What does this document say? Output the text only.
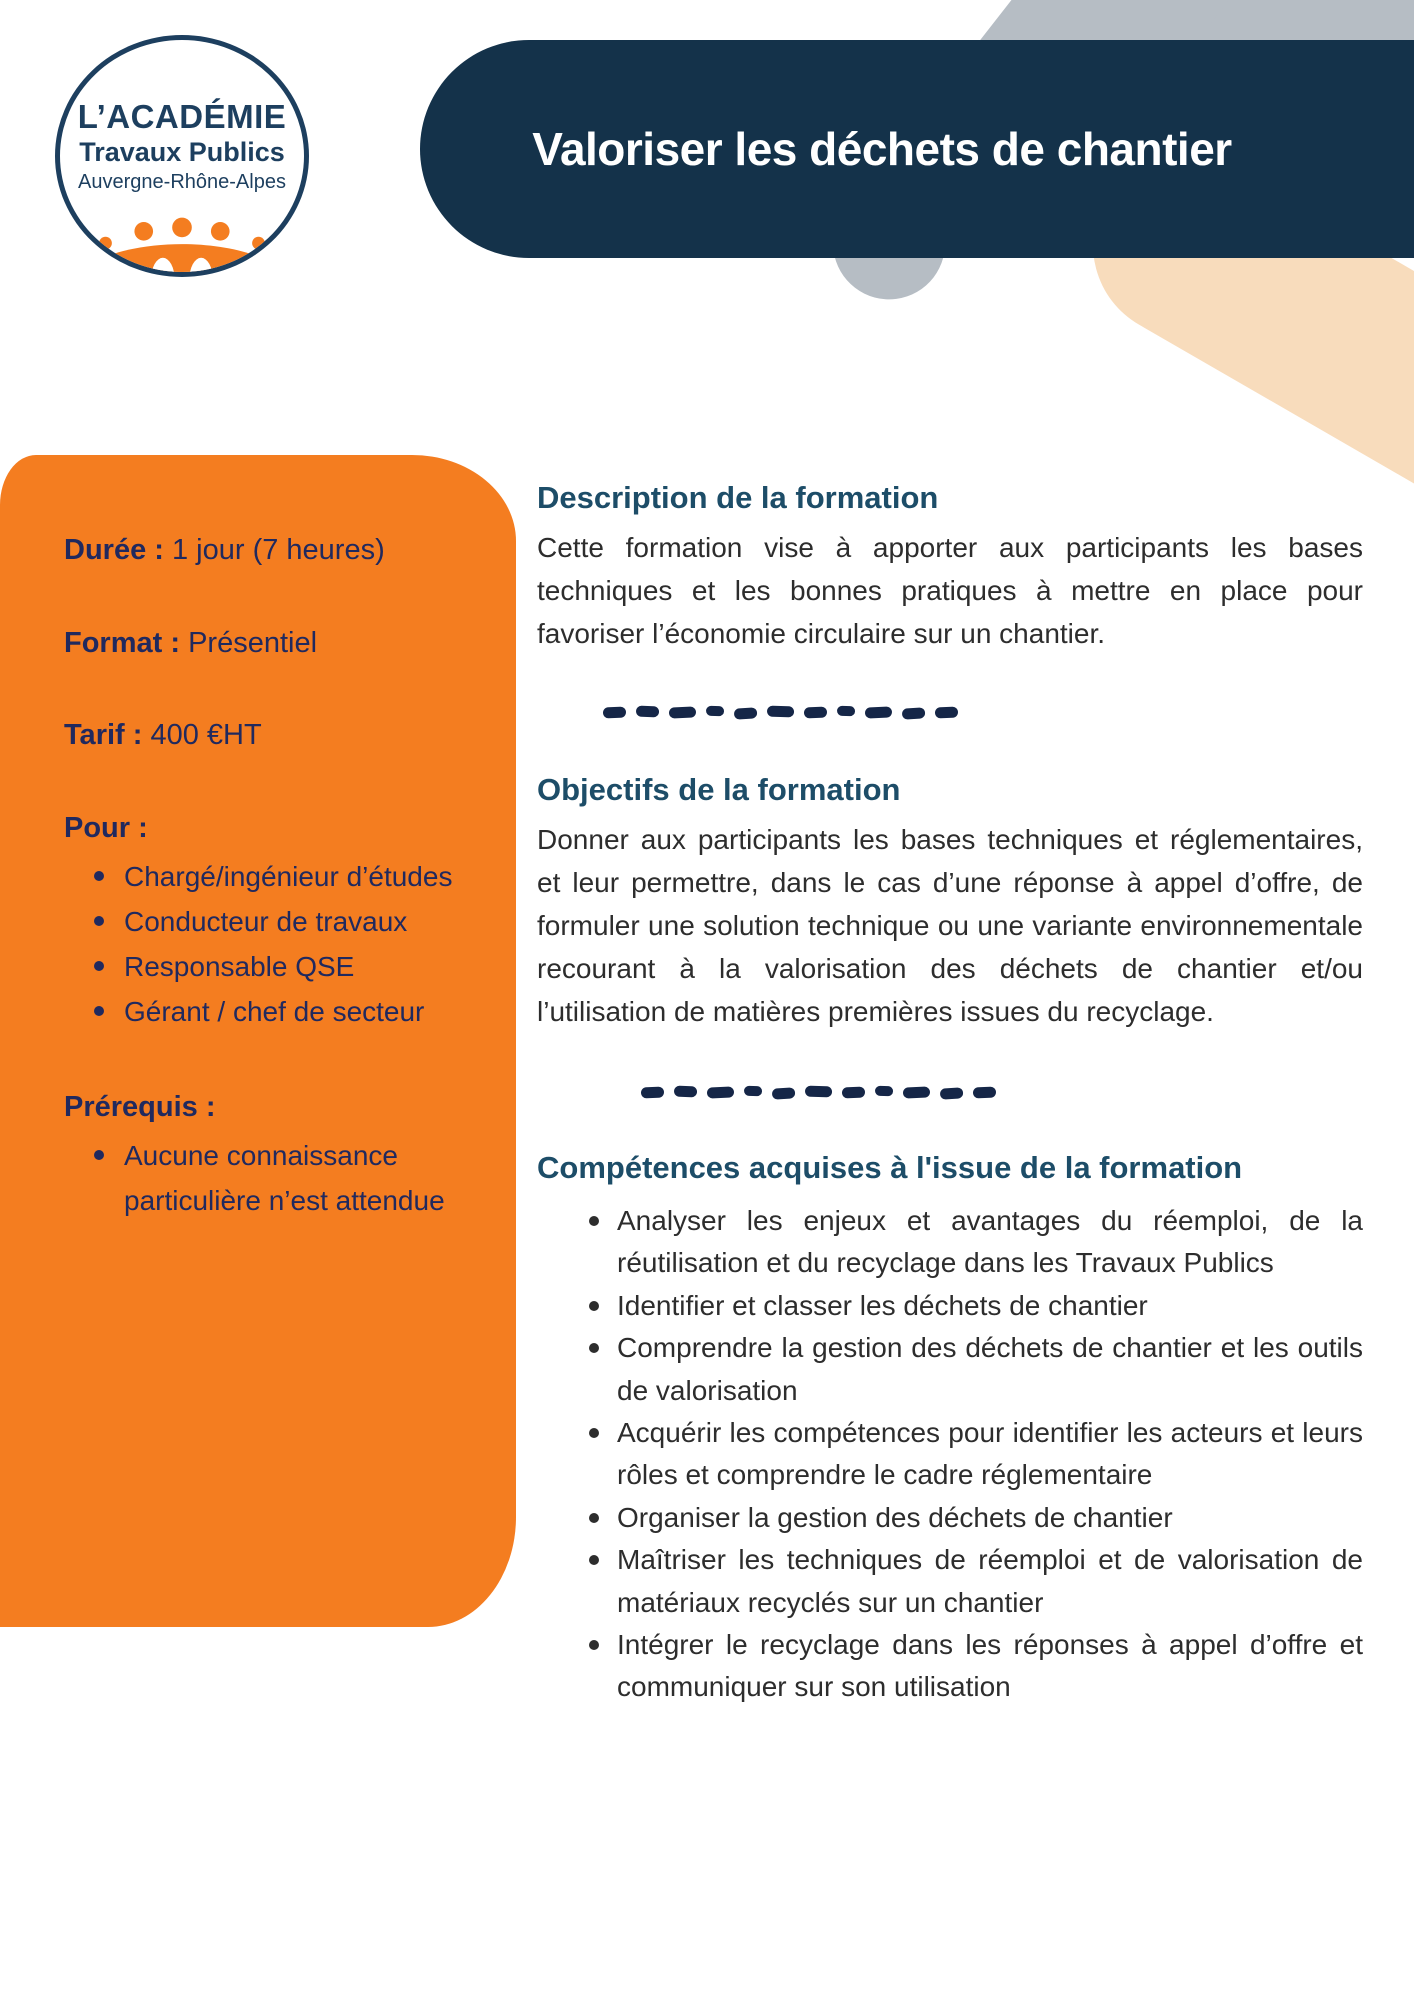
Valoriser les déchets de chantier
L’ACADÉMIE
Travaux Publics
Auvergne-Rhône-Alpes
Durée : 1 jour (7 heures)
Format : Présentiel
Tarif : 400 €HT
Pour :
Chargé/ingénieur d’études
Conducteur de travaux
Responsable QSE
Gérant / chef de secteur
Prérequis :
Aucune connaissance particulière n’est attendue
Description de la formation
Cette formation vise à apporter aux participants les bases techniques et les bonnes pratiques à mettre en place pour favoriser l’économie circulaire sur un chantier.
Objectifs de la formation
Donner aux participants les bases techniques et réglementaires, et leur permettre, dans le cas d’une réponse à appel d’offre, de formuler une solution technique ou une variante environnementale recourant à la valorisation des déchets de chantier et/ou l’utilisation de matières premières issues du recyclage.
Compétences acquises à l'issue de la formation
Analyser les enjeux et avantages du réemploi, de la réutilisation et du recyclage dans les Travaux Publics
Identifier et classer les déchets de chantier
Comprendre la gestion des déchets de chantier et les outils de valorisation
Acquérir les compétences pour identifier les acteurs et leurs rôles et comprendre le cadre réglementaire
Organiser la gestion des déchets de chantier
Maîtriser les techniques de réemploi et de valorisation de matériaux recyclés sur un chantier
Intégrer le recyclage dans les réponses à appel d’offre et communiquer sur son utilisation
